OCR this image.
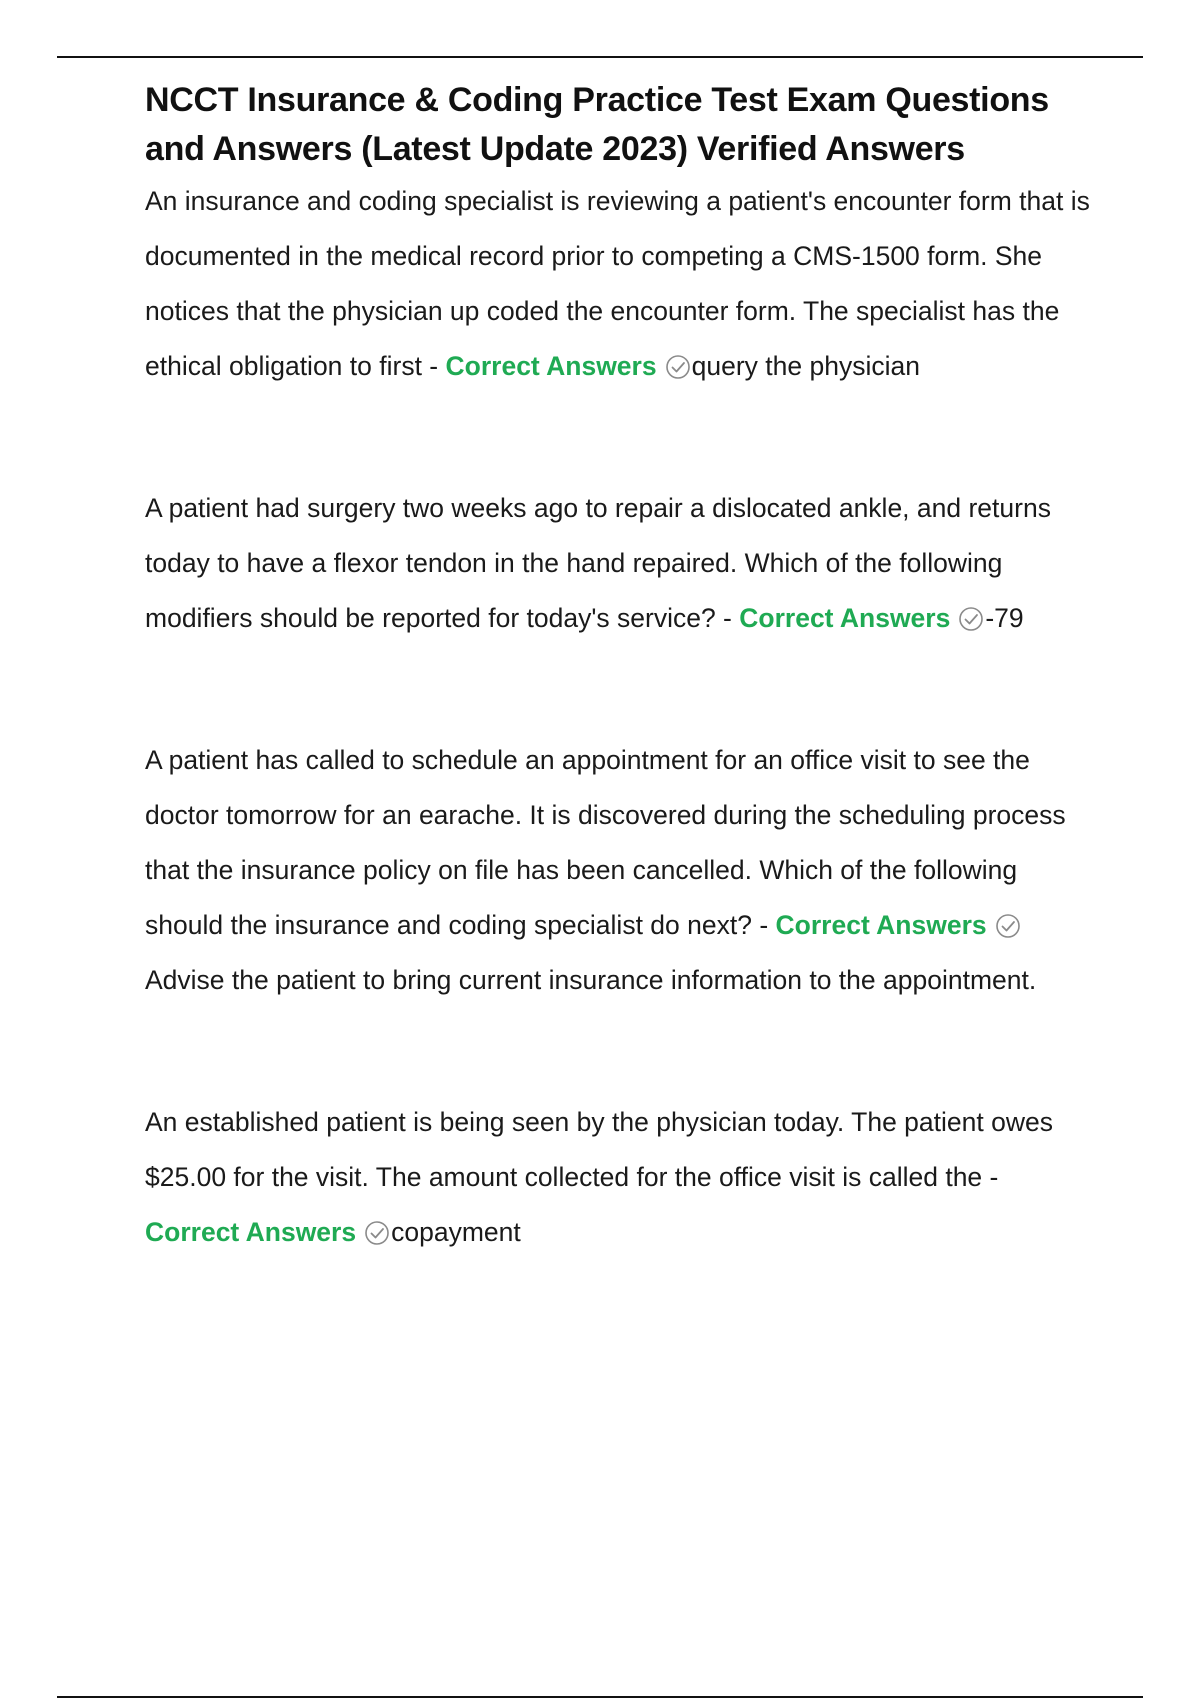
NCCT Insurance & Coding Practice Test Exam Questions and Answers (Latest Update 2023) Verified Answers

An insurance and coding specialist is reviewing a patient's encounter form that is documented in the medical record prior to competing a CMS-1500 form. She notices that the physician up coded the encounter form. The specialist has the ethical obligation to first - Correct Answers query the physician

A patient had surgery two weeks ago to repair a dislocated ankle, and returns today to have a flexor tendon in the hand repaired. Which of the following modifiers should be reported for today's service? - Correct Answers -79

A patient has called to schedule an appointment for an office visit to see the doctor tomorrow for an earache. It is discovered during the scheduling process that the insurance policy on file has been cancelled. Which of the following should the insurance and coding specialist do next? - Correct Answers
Advise the patient to bring current insurance information to the appointment.

An established patient is being seen by the physician today. The patient owes $25.00 for the visit. The amount collected for the office visit is called the - Correct Answers copayment
